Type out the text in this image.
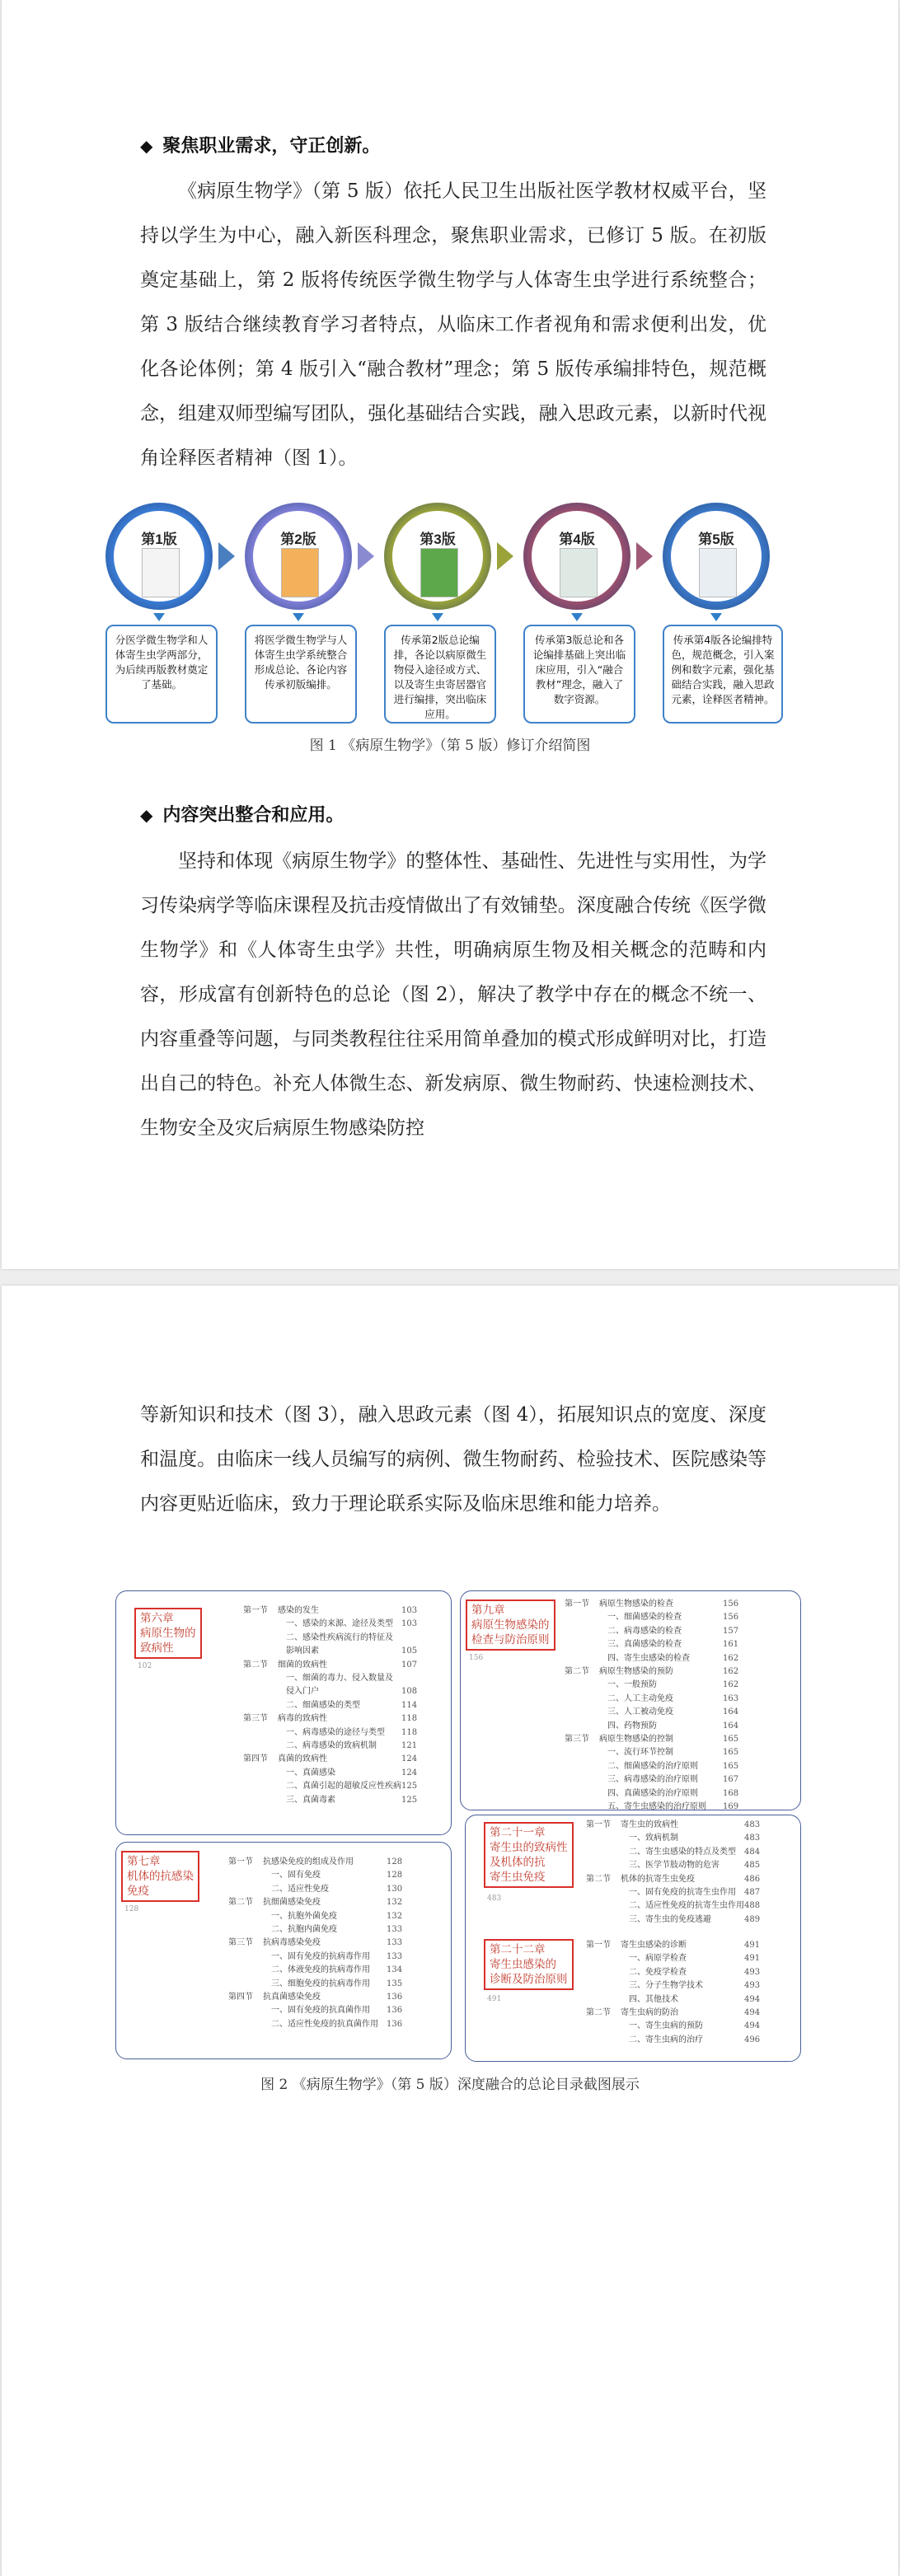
◆ 聚焦职业需求，守正创新。

《病原生物学》（第 5 版）依托人民卫生出版社医学教材权威平台，坚持以学生为中心，融入新医科理念，聚焦职业需求，已修订 5 版。在初版奠定基础上，第 2 版将传统医学微生物学与人体寄生虫学进行系统整合；第 3 版结合继续教育学习者特点，从临床工作者视角和需求便利出发，优化各论体例；第 4 版引入“融合教材”理念；第 5 版传承编排特色，规范概念，组建双师型编写团队，强化基础结合实践，融入思政元素，以新时代视角诠释医者精神（图 1）。

第1版	第2版	第3版	第4版	第5版
分医学微生物学和人体寄生虫学两部分，为后续再版教材奠定了基础。
将医学微生物学与人体寄生虫学系统整合形成总论、各论内容传承初版编排。
传承第2版总论编排，各论以病原微生物侵入途径或方式、以及寄生虫寄居器官进行编排，突出临床应用。
传承第3版总论和各论编排基础上突出临床应用，引入“融合教材”理念，融入了数字资源。
传承第4版各论编排特色，规范概念，引入案例和数字元素，强化基础结合实践，融入思政元素，诠释医者精神。
图 1 《病原生物学》（第 5 版）修订介绍简图
◆ 内容突出整合和应用。

坚持和体现《病原生物学》的整体性、基础性、先进性与实用性，为学习传染病学等临床课程及抗击疫情做出了有效铺垫。深度融合传统《医学微生物学》和《人体寄生虫学》共性，明确病原生物及相关概念的范畴和内容，形成富有创新特色的总论（图 2），解决了教学中存在的概念不统一、内容重叠等问题，与同类教程往往采用简单叠加的模式形成鲜明对比，打造出自己的特色。补充人体微生态、新发病原、微生物耐药、快速检测技术、生物安全及灾后病原生物感染防控

等新知识和技术（图 3），融入思政元素（图 4），拓展知识点的宽度、深度和温度。由临床一线人员编写的病例、微生物耐药、检验技术、医院感染等内容更贴近临床，致力于理论联系实际及临床思维和能力培养。

第六章
病原生物的
致病性
102
第一节	感染的发生	103
一、感染的来源、途径及类型	103
二、感染性疾病流行的特征及
影响因素	105
第二节	细菌的致病性	107
一、细菌的毒力、侵入数量及
侵入门户	108
二、细菌感染的类型	114
第三节	病毒的致病性	118
一、病毒感染的途径与类型	118
二、病毒感染的致病机制	121
第四节	真菌的致病性	124
一、真菌感染	124
二、真菌引起的超敏反应性疾病 125
三、真菌毒素	125
第九章
病原生物感染的
检查与防治原则
156
第一节	病原生物感染的检查	156
一、细菌感染的检查	156
二、病毒感染的检查	157
三、真菌感染的检查	161
四、寄生虫感染的检查	162
第二节	病原生物感染的预防	162
一、一般预防	162
二、人工主动免疫	163
三、人工被动免疫	164
四、药物预防	164
第三节	病原生物感染的控制	165
一、流行环节控制	165
二、细菌感染的治疗原则	165
三、病毒感染的治疗原则	167
四、真菌感染的治疗原则	168
五、寄生虫感染的治疗原则	169
第七章
机体的抗感染
免疫
128
第一节	抗感染免疫的组成及作用	128
一、固有免疫	128
二、适应性免疫	130
第二节	抗细菌感染免疫	132
一、抗胞外菌免疫	132
二、抗胞内菌免疫	133
第三节	抗病毒感染免疫	133
一、固有免疫的抗病毒作用	133
二、体液免疫的抗病毒作用	134
三、细胞免疫的抗病毒作用	135
第四节	抗真菌感染免疫	136
一、固有免疫的抗真菌作用	136
二、适应性免疫的抗真菌作用	136
第二十一章
寄生虫的致病性
及机体的抗
寄生虫免疫
483
第一节	寄生虫的致病性	483
一、致病机制	483
二、寄生虫感染的特点及类型	484
三、医学节肢动物的危害	485
第二节	机体的抗寄生虫免疫	486
一、固有免疫的抗寄生虫作用	487
二、适应性免疫的抗寄生虫作用 488
三、寄生虫的免疫逃避	489
第二十二章
寄生虫感染的
诊断及防治原则
491
第一节	寄生虫感染的诊断	491
一、病原学检查	491
二、免疫学检查	493
三、分子生物学技术	493
四、其他技术	494
第二节	寄生虫病的防治	494
一、寄生虫病的预防	494
二、寄生虫病的治疗	496
图 2 《病原生物学》（第 5 版）深度融合的总论目录截图展示
